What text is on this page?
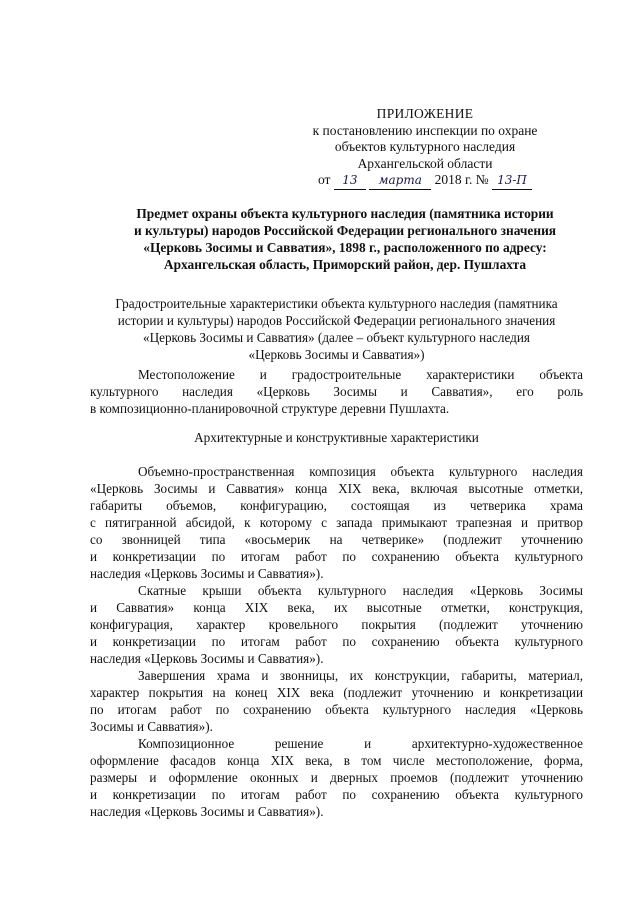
ПРИЛОЖЕНИЕ
к постановлению инспекции по охране
объектов культурного наследия
Архангельской области
от 13 марта 2018 г. № 13-П
Предмет охраны объекта культурного наследия (памятника истории
и культуры) народов Российской Федерации регионального значения
«Церковь Зосимы и Савватия», 1898 г., расположенного по адресу:
Архангельская область, Приморский район, дер. Пушлахта
Градостроительные характеристики объекта культурного наследия (памятника
истории и культуры) народов Российской Федерации регионального значения
«Церковь Зосимы и Савватия» (далее – объект культурного наследия
«Церковь Зосимы и Савватия»)
Местоположение и градостроительные характеристики объекта
культурного наследия «Церковь Зосимы и Савватия», его роль
в композиционно-планировочной структуре деревни Пушлахта.
Архитектурные и конструктивные характеристики
Объемно-пространственная композиция объекта культурного наследия
«Церковь Зосимы и Савватия» конца XIX века, включая высотные отметки,
габариты объемов, конфигурацию, состоящая из четверика храма
с пятигранной абсидой, к которому с запада примыкают трапезная и притвор
со звонницей типа «восьмерик на четверике» (подлежит уточнению
и конкретизации по итогам работ по сохранению объекта культурного
наследия «Церковь Зосимы и Савватия»).
Скатные крыши объекта культурного наследия «Церковь Зосимы
и Савватия» конца XIX века, их высотные отметки, конструкция,
конфигурация, характер кровельного покрытия (подлежит уточнению
и конкретизации по итогам работ по сохранению объекта культурного
наследия «Церковь Зосимы и Савватия»).
Завершения храма и звонницы, их конструкции, габариты, материал,
характер покрытия на конец XIX века (подлежит уточнению и конкретизации
по итогам работ по сохранению объекта культурного наследия «Церковь
Зосимы и Савватия»).
Композиционное решение и архитектурно-художественное
оформление фасадов конца XIX века, в том числе местоположение, форма,
размеры и оформление оконных и дверных проемов (подлежит уточнению
и конкретизации по итогам работ по сохранению объекта культурного
наследия «Церковь Зосимы и Савватия»).
